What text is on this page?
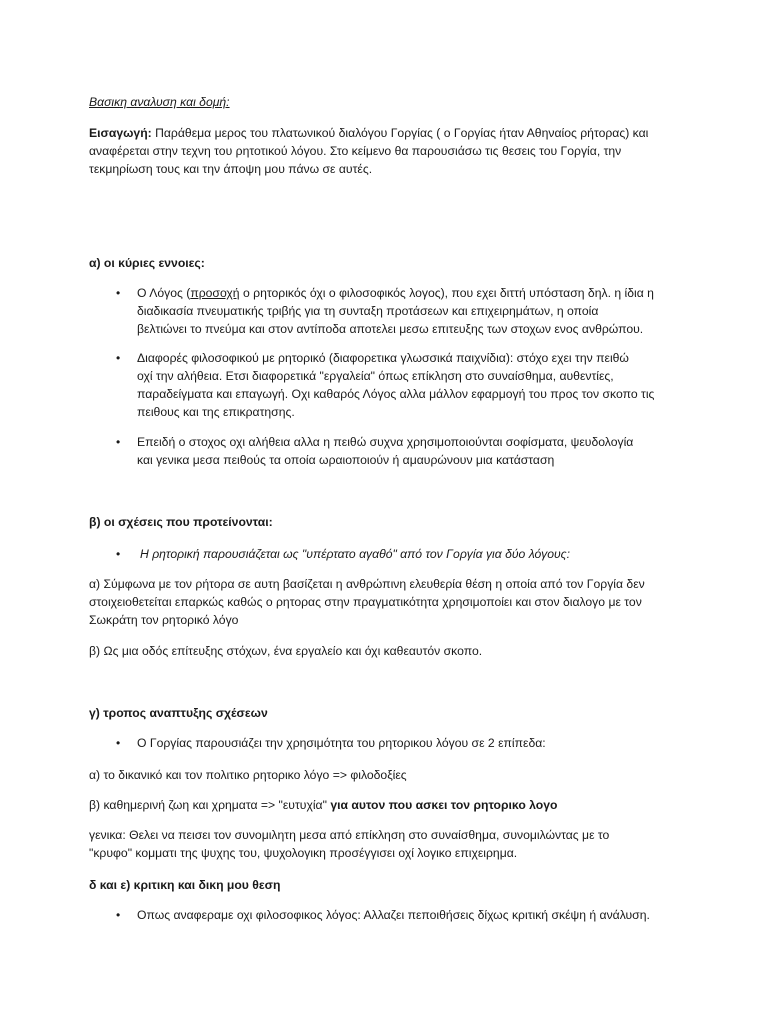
Βασικη αναλυση και δομή:
Εισαγωγή: Παράθεμα μερος του πλατωνικού διαλόγου Γοργίας ( ο Γοργίας ήταν Αθηναίος ρήτορας) και
αναφέρεται στην τεχνη του ρητοτικού λόγου. Στο κείμενο θα παρουσιάσω τις θεσεις του Γοργία, την
τεκμηρίωση τους και την άποψη μου πάνω σε αυτές.
α) οι κύριες εννοιες:
• Ο Λόγος (προσοχή ο ρητορικός όχι ο φιλοσοφικός λογος), που εχει διττή υπόσταση δηλ. η ίδια η
διαδικασία πνευματικής τριβής για τη συνταξη προτάσεων και επιχειρημάτων, η οποία
βελτιώνει το πνεύμα και στον αντίποδα αποτελει μεσω επιτευξης των στοχων ενος ανθρώπου.
• Διαφορές φιλοσοφικού με ρητορικό (διαφορετικα γλωσσικά παιχνίδια): στόχο εχει την πειθώ
οχί την αλήθεια. Ετσι διαφορετικά "εργαλεία" όπως επίκληση στο συναίσθημα, αυθεντίες,
παραδείγματα και επαγωγή. Οχι καθαρός Λόγος αλλα μάλλον εφαρμογή του προς τον σκοπο τις
πειθους και της επικρατησης.
• Επειδή ο στοχος οχι αλήθεια αλλα η πειθώ συχνα χρησιμοποιούνται σοφίσματα, ψευδολογία
και γενικα μεσα πειθούς τα οποία ωραιοποιούν ή αμαυρώνουν μια κατάσταση
β) οι σχέσεις που προτείνονται:
• Η ρητορική παρουσιάζεται ως "υπέρτατο αγαθό" από τον Γοργία για δύο λόγους:
α) Σύμφωνα με τον ρήτορα σε αυτη βασίζεται η ανθρώπινη ελευθερία θέση η οποία από τον Γοργία δεν
στοιχειοθετείται επαρκώς καθώς ο ρητορας στην πραγματικότητα χρησιμοποίει και στον διαλογο με τον
Σωκράτη τον ρητορικό λόγο
β) Ως μια οδός επίτευξης στόχων, ένα εργαλείο και όχι καθεαυτόν σκοπο.
γ) τροπος αναπτυξης σχέσεων
• Ο Γοργίας παρουσιάζει την χρησιμότητα του ρητορικου λόγου σε 2 επίπεδα:
α) το δικανικό και τον πολιτικο ρητορικο λόγο => φιλοδοξίες
β) καθημερινή ζωη και χρηματα => "ευτυχία" για αυτον που ασκει τον ρητορικο λογο
γενικα: Θελει να πεισει τον συνομιλητη μεσα από επίκληση στο συναίσθημα, συνομιλώντας με το
"κρυφο" κομματι της ψυχης του, ψυχολογικη προσέγγισει οχί λογικο επιχειρημα.
δ και ε) κριτικη και δικη μου θεση
• Οπως αναφεραμε οχι φιλοσοφικος λόγος: Αλλαζει πεποιθήσεις δίχως κριτική σκέψη ή ανάλυση.
